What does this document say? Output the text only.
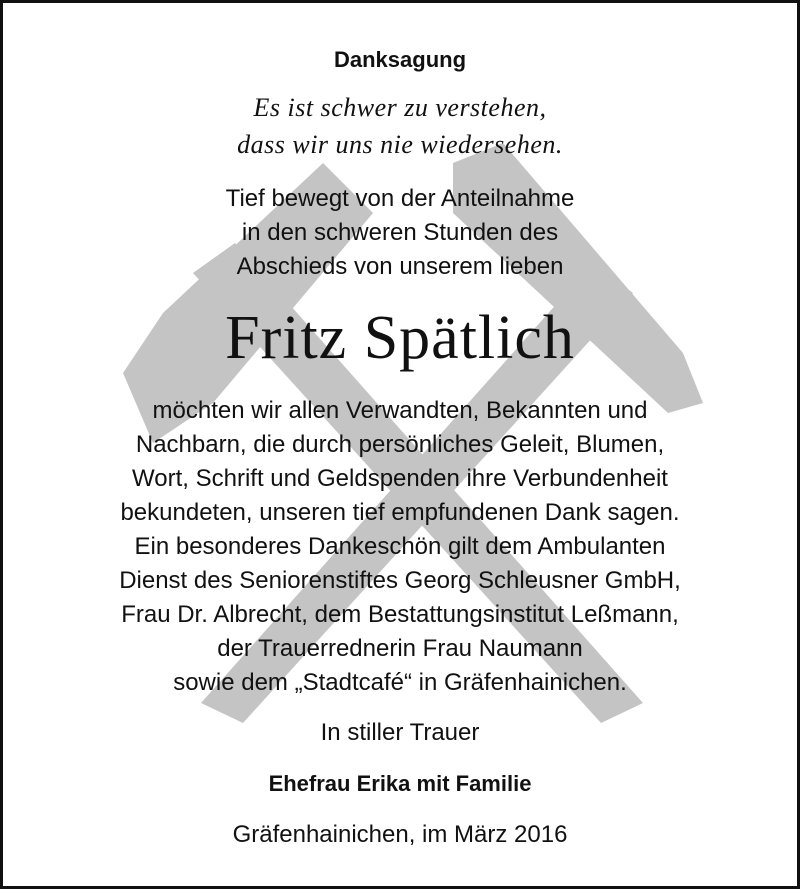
Danksagung
Es ist schwer zu verstehen,
dass wir uns nie wiedersehen.
Tief bewegt von der Anteilnahme
in den schweren Stunden des
Abschieds von unserem lieben
Fritz Spätlich
möchten wir allen Verwandten, Bekannten und
Nachbarn, die durch persönliches Geleit, Blumen,
Wort, Schrift und Geldspenden ihre Verbundenheit
bekundeten, unseren tief empfundenen Dank sagen.
Ein besonderes Dankeschön gilt dem Ambulanten
Dienst des Seniorenstiftes Georg Schleusner GmbH,
Frau Dr. Albrecht, dem Bestattungsinstitut Leßmann,
der Trauerrednerin Frau Naumann
sowie dem „Stadtcafé“ in Gräfenhainichen.
In stiller Trauer
Ehefrau Erika mit Familie
Gräfenhainichen, im März 2016
